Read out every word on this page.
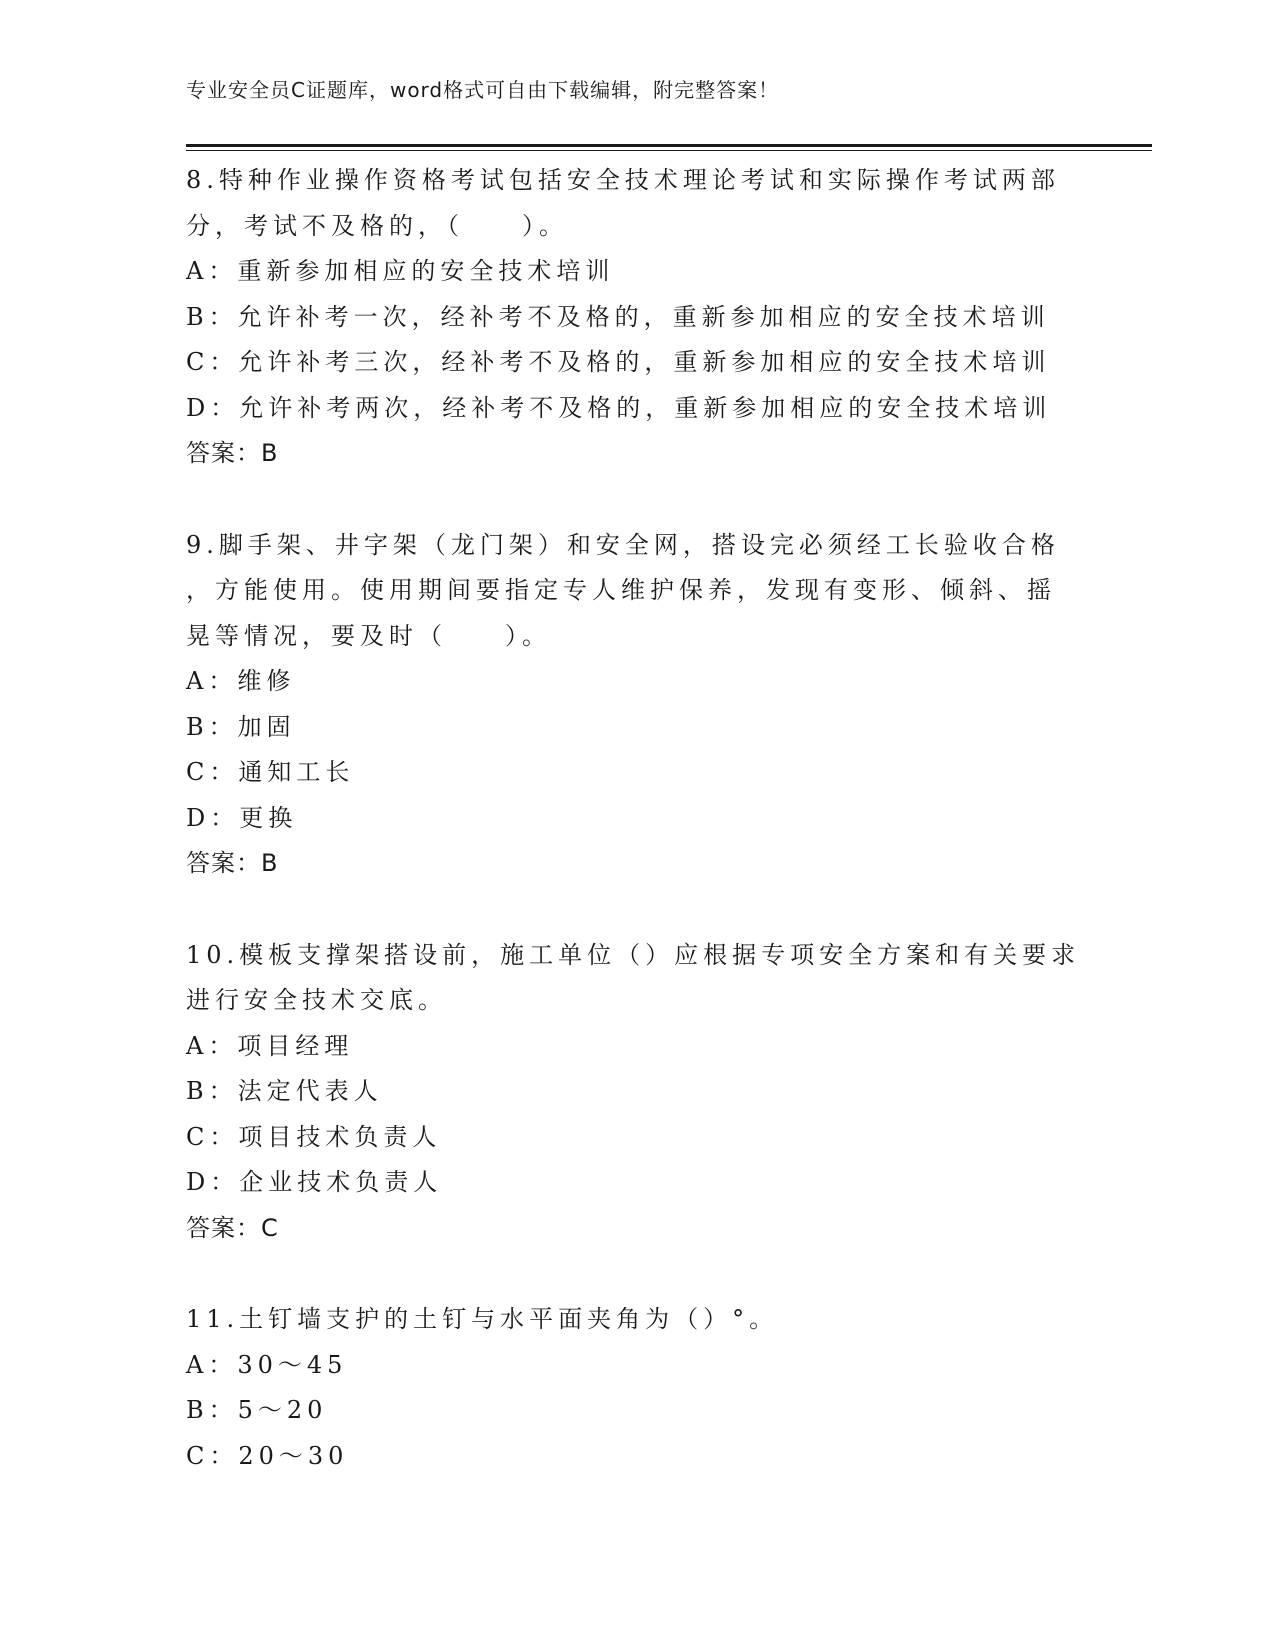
专业安全员C证题库，word格式可自由下载编辑，附完整答案！
8.特种作业操作资格考试包括安全技术理论考试和实际操作考试两部
分，考试不及格的，（　　）。
A：重新参加相应的安全技术培训
B：允许补考一次，经补考不及格的，重新参加相应的安全技术培训
C：允许补考三次，经补考不及格的，重新参加相应的安全技术培训
D：允许补考两次，经补考不及格的，重新参加相应的安全技术培训
答案：B
9.脚手架、井字架（龙门架）和安全网，搭设完必须经工长验收合格
，方能使用。使用期间要指定专人维护保养，发现有变形、倾斜、摇
晃等情况，要及时（　　）。
A：维修
B：加固
C：通知工长
D：更换
答案：B
10.模板支撑架搭设前，施工单位（）应根据专项安全方案和有关要求
进行安全技术交底。
A：项目经理
B：法定代表人
C：项目技术负责人
D：企业技术负责人
答案：C
11.土钉墙支护的土钉与水平面夹角为（）°。
A：30～45
B：5～20
C：20～30
